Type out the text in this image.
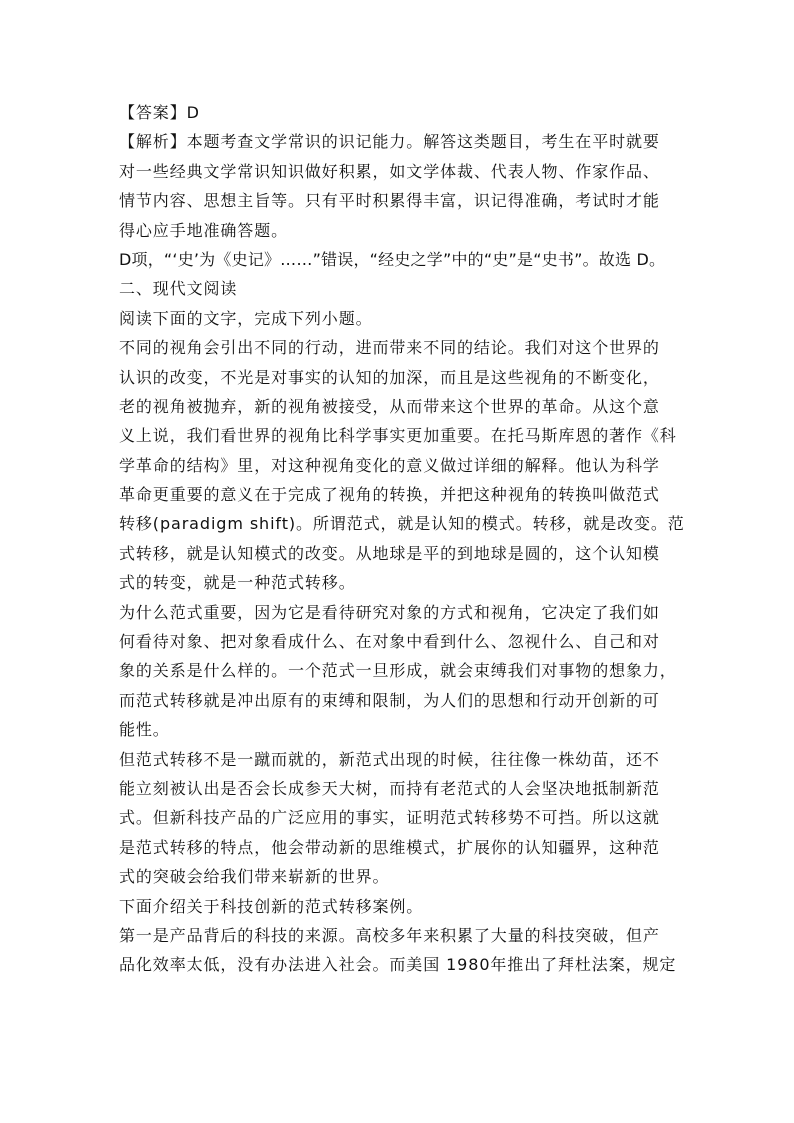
【答案】D
【解析】本题考查文学常识的识记能力。解答这类题目，考生在平时就要
对一些经典文学常识知识做好积累，如文学体裁、代表人物、作家作品、
情节内容、思想主旨等。只有平时积累得丰富，识记得准确，考试时才能
得心应手地准确答题。
D项，“‘史’为《史记》……”错误，“经史之学”中的“史”是“史书”。故选 D。
二、现代文阅读
阅读下面的文字，完成下列小题。
不同的视角会引出不同的行动，进而带来不同的结论。我们对这个世界的
认识的改变，不光是对事实的认知的加深，而且是这些视角的不断变化，
老的视角被抛弃，新的视角被接受，从而带来这个世界的革命。从这个意
义上说，我们看世界的视角比科学事实更加重要。在托马斯库恩的著作《科
学革命的结构》里，对这种视角变化的意义做过详细的解释。他认为科学
革命更重要的意义在于完成了视角的转换，并把这种视角的转换叫做范式
转移(paradigm shift)。所谓范式，就是认知的模式。转移，就是改变。范
式转移，就是认知模式的改变。从地球是平的到地球是圆的，这个认知模
式的转变，就是一种范式转移。
为什么范式重要，因为它是看待研究对象的方式和视角，它决定了我们如
何看待对象、把对象看成什么、在对象中看到什么、忽视什么、自己和对
象的关系是什么样的。一个范式一旦形成，就会束缚我们对事物的想象力，
而范式转移就是冲出原有的束缚和限制，为人们的思想和行动开创新的可
能性。
但范式转移不是一蹴而就的，新范式出现的时候，往往像一株幼苗，还不
能立刻被认出是否会长成参天大树，而持有老范式的人会坚决地抵制新范
式。但新科技产品的广泛应用的事实，证明范式转移势不可挡。所以这就
是范式转移的特点，他会带动新的思维模式，扩展你的认知疆界，这种范
式的突破会给我们带来崭新的世界。
下面介绍关于科技创新的范式转移案例。
第一是产品背后的科技的来源。高校多年来积累了大量的科技突破，但产
品化效率太低，没有办法进入社会。而美国 1980年推出了拜杜法案，规定
